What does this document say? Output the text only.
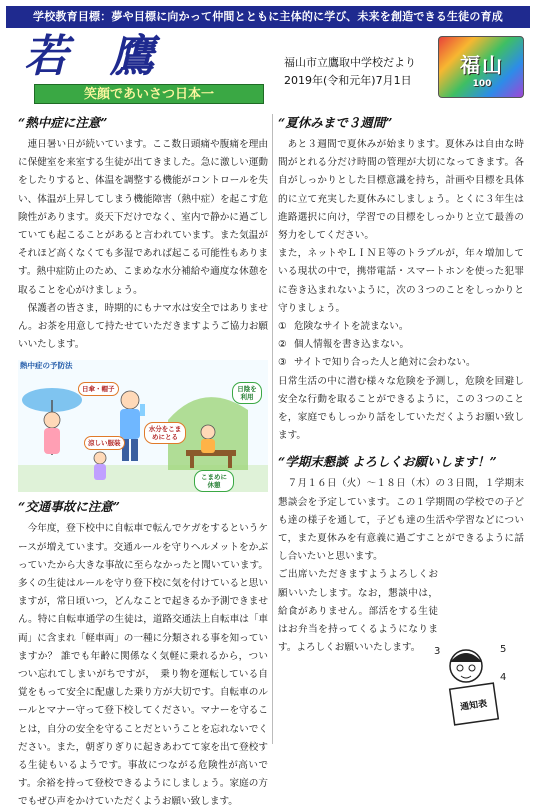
学校教育目標：夢や目標に向かって仲間とともに主体的に学び、未来を創造できる生徒の育成
若鷹
笑顔であいさつ日本一
福山市立鷹取中学校だより
2019年(令和元年)7月1日
福山
100
“熱中症に注意”

連日暑い日が続いています。ここ数日頭痛や腹痛を理由に保健室を来室する生徒が出てきました。急に激しい運動をしたりすると、体温を調整する機能がコントロールを失い、体温が上昇してしまう機能障害（熱中症）を起こす危険性があります。炎天下だけでなく、室内で静かに過ごしていても起こることがあると言われています。また気温がそれほど高くなくても多湿であれば起こる可能性もあります。熱中症防止のため、こまめな水分補給や適度な休憩を取ることを心がけましょう。

保護者の皆さま，時期的にもナマ水は安全ではありません。お茶を用意して持たせていただきますようご協力お願いいたします。

熱中症の予防法
日傘・帽子
水分をこまめにとる
日陰を利用
涼しい服装
こまめに休憩
“交通事故に注意”

今年度，登下校中に自転車で転んでケガをするというケースが増えています。交通ルールを守りヘルメットをかぶっていたから大きな事故に至らなかったと聞いています。多くの生徒はルールを守り登下校に気を付けていると思いますが，常日頃いつ，どんなことで起きるか予測できません。特に自転車通学の生徒は，道路交通法上自転車は「車両」に含まれ「軽車両」の一種に分類される事を知っていますか？ 誰でも年齢に関係なく気軽に乗れるから，ついつい忘れてしまいがちですが，　乗り物を運転している自覚をもって安全に配慮した乗り方が大切です。自転車のルールとマナー守って登下校してください。マナーを守ることは，自分の安全を守ることだということを忘れないでください。また，朝ぎりぎりに起きあわてて家を出て登校する生徒もいるようです。事故につながる危険性が高いです。余裕を持って登校できるようにしましょう。家庭の方でもぜひ声をかけていただくようお願い致します。

“夏休みまで３週間”

あと３週間で夏休みが始まります。夏休みは自由な時間がとれる分だけ時間の管理が大切になってきます。各自がしっかりとした目標意識を持ち，計画や目標を具体的に立て充実した夏休みにしましょう。とくに３年生は進路選択に向け，学習での目標をしっかりと立て最善の努力をしてください。

また，ネットやＬＩＮＥ等のトラブルが，年々増加している現状の中で，携帯電話・スマートホンを使った犯罪に巻き込まれないように，次の３つのことをしっかりと守りましょう。

① 危険なサイトを読まない。
② 個人情報を書き込まない。
③ サイトで知り合った人と絶対に会わない。

日常生活の中に潜む様々な危険を予測し，危険を回避し安全な行動を取ることができるように，この３つのことを，家庭でもしっかり話をしていただくようお願い致します。

“学期末懇談 よろしくお願いします！”

７月１６日（火）～１８日（木）の３日間，１学期末懇談会を予定しています。この１学期間の学校での子ども達の様子を通して，子ども達の生活や学習などについて，また夏休みを有意義に過ごすことができるように話し合いたいと思います。

ご出席いただきますようよろしくお願いいたします。なお，懇談中は，給食がありません。部活をする生徒はお弁当を持ってくるようになります。よろしくお願いいたします。	3	5
4
通知表
